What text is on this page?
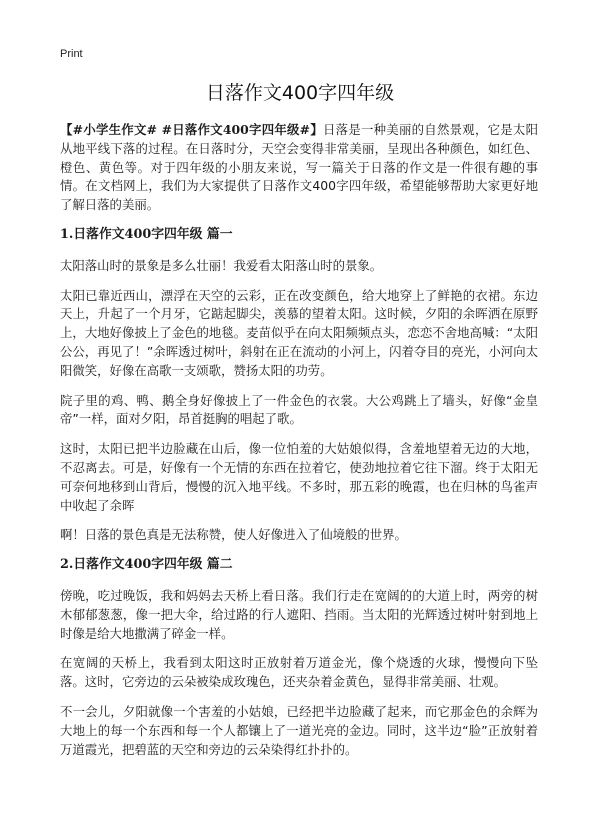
Print
日落作文400字四年级

【#小学生作文# #日落作文400字四年级#】日落是一种美丽的自然景观，它是太阳从地平线下落的过程。在日落时分，天空会变得非常美丽，呈现出各种颜色，如红色、橙色、黄色等。对于四年级的小朋友来说，写一篇关于日落的作文是一件很有趣的事情。在文档网上，我们为大家提供了日落作文400字四年级，希望能够帮助大家更好地了解日落的美丽。

1.日落作文400字四年级 篇一

太阳落山时的景象是多么壮丽！我爱看太阳落山时的景象。

太阳已靠近西山，漂浮在天空的云彩，正在改变颜色，给大地穿上了鲜艳的衣裙。东边天上，升起了一个月牙，它踮起脚尖，羡慕的望着太阳。这时候，夕阳的余晖洒在原野上，大地好像披上了金色的地毯。麦苗似乎在向太阳频频点头，恋恋不舍地高喊：“太阳公公，再见了！”余晖透过树叶，斜射在正在流动的小河上，闪着夺目的亮光，小河向太阳微笑，好像在高歌一支颂歌，赞扬太阳的功劳。

院子里的鸡、鸭、鹅全身好像披上了一件金色的衣裳。大公鸡跳上了墙头，好像“金皇帝”一样，面对夕阳，昂首挺胸的唱起了歌。

这时，太阳已把半边脸藏在山后，像一位怕羞的大姑娘似得，含羞地望着无边的大地，不忍离去。可是，好像有一个无情的东西在拉着它，使劲地拉着它往下溜。终于太阳无可奈何地移到山背后，慢慢的沉入地平线。不多时，那五彩的晚霞，也在归林的鸟雀声中收起了余晖

啊！日落的景色真是无法称赞，使人好像进入了仙境般的世界。

2.日落作文400字四年级 篇二

傍晚，吃过晚饭，我和妈妈去天桥上看日落。我们行走在宽阔的的大道上时，两旁的树木郁郁葱葱，像一把大伞，给过路的行人遮阳、挡雨。当太阳的光辉透过树叶射到地上时像是给大地撒满了碎金一样。

在宽阔的天桥上，我看到太阳这时正放射着万道金光，像个烧透的火球，慢慢向下坠落。这时，它旁边的云朵被染成玫瑰色，还夹杂着金黄色，显得非常美丽、壮观。

不一会儿，夕阳就像一个害羞的小姑娘，已经把半边脸藏了起来，而它那金色的余辉为大地上的每一个东西和每一个人都镶上了一道光亮的金边。同时，这半边“脸”正放射着万道霞光，把碧蓝的天空和旁边的云朵染得红扑扑的。
